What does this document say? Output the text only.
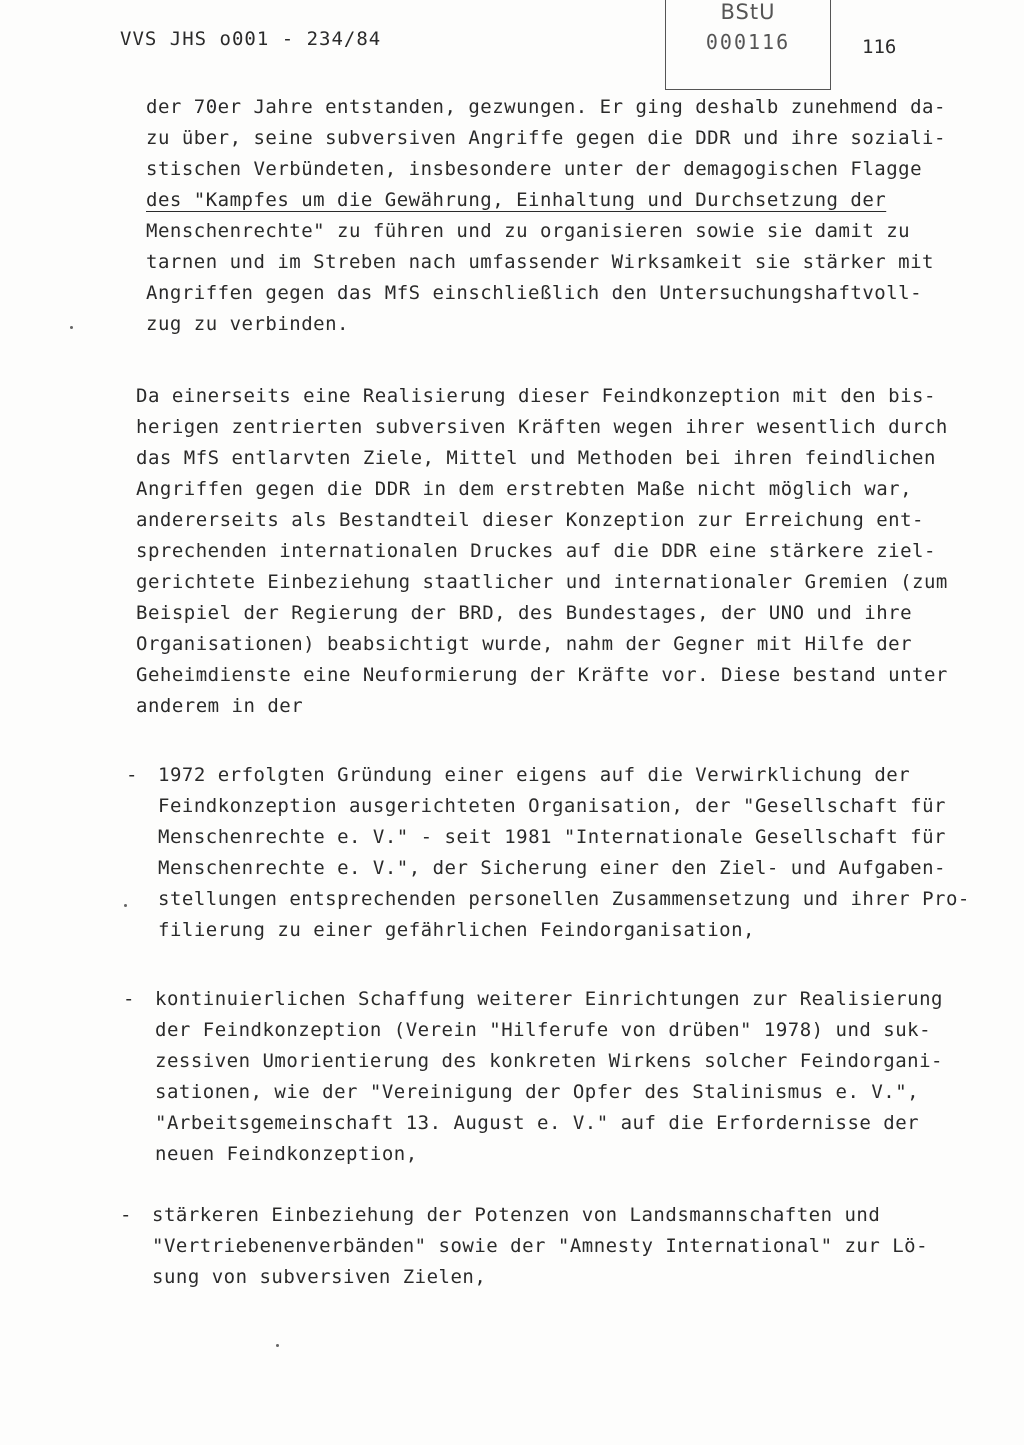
VVS JHS o001 - 234/84
BStU
000116	116
der 70er Jahre entstanden, gezwungen. Er ging deshalb zunehmend da-
zu über, seine subversiven Angriffe gegen die DDR und ihre soziali-
stischen Verbündeten, insbesondere unter der demagogischen Flagge
des "Kampfes um die Gewährung, Einhaltung und Durchsetzung der
Menschenrechte" zu führen und zu organisieren sowie sie damit zu
tarnen und im Streben nach umfassender Wirksamkeit sie stärker mit
Angriffen gegen das MfS einschließlich den Untersuchungshaftvoll-
zug zu verbinden.
Da einerseits eine Realisierung dieser Feindkonzeption mit den bis-
herigen zentrierten subversiven Kräften wegen ihrer wesentlich durch
das MfS entlarvten Ziele, Mittel und Methoden bei ihren feindlichen
Angriffen gegen die DDR in dem erstrebten Maße nicht möglich war,
andererseits als Bestandteil dieser Konzeption zur Erreichung ent-
sprechenden internationalen Druckes auf die DDR eine stärkere ziel-
gerichtete Einbeziehung staatlicher und internationaler Gremien (zum
Beispiel der Regierung der BRD, des Bundestages, der UNO und ihre
Organisationen) beabsichtigt wurde, nahm der Gegner mit Hilfe der
Geheimdienste eine Neuformierung der Kräfte vor. Diese bestand unter
anderem in der
- 1972 erfolgten Gründung einer eigens auf die Verwirklichung der
Feindkonzeption ausgerichteten Organisation, der "Gesellschaft für
Menschenrechte e. V." - seit 1981 "Internationale Gesellschaft für
Menschenrechte e. V.", der Sicherung einer den Ziel- und Aufgaben-
stellungen entsprechenden personellen Zusammensetzung und ihrer Pro-
filierung zu einer gefährlichen Feindorganisation,
- kontinuierlichen Schaffung weiterer Einrichtungen zur Realisierung
der Feindkonzeption (Verein "Hilferufe von drüben" 1978) und suk-
zessiven Umorientierung des konkreten Wirkens solcher Feindorgani-
sationen, wie der "Vereinigung der Opfer des Stalinismus e. V.",
"Arbeitsgemeinschaft 13. August e. V." auf die Erfordernisse der
neuen Feindkonzeption,
- stärkeren Einbeziehung der Potenzen von Landsmannschaften und
"Vertriebenenverbänden" sowie der "Amnesty International" zur Lö-
sung von subversiven Zielen,
